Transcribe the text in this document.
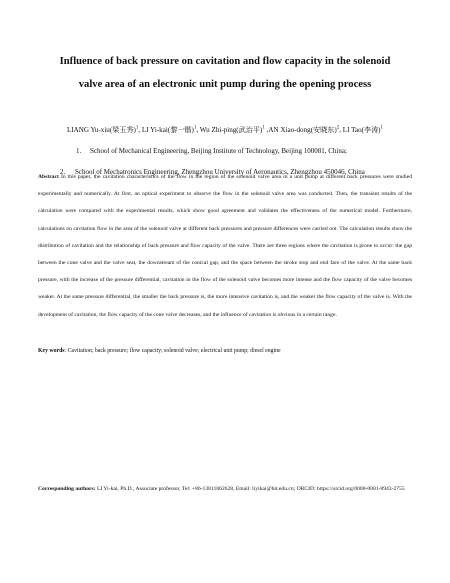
Influence of back pressure on cavitation and flow capacity in the solenoid
valve area of an electronic unit pump during the opening process
LIANG Yu-xiu(梁玉秀)$^1$, LI Yi-kai(黎一锴)$^1$, Wu Zhi-ping(武治平)$^1$ ,AN Xiao-dong(安晓东)$^2$, LI Tao(李涛)$^1$
1. School of Mechanical Engineering, Beijing Institute of Technology, Beijing 100081, China;
2. School of Mechatronics Engineering, Zhengzhou University of Aeronautics, Zhengzhou 450046, China
Abstract In this paper, the cavitation characteristics of the flow in the region of the solenoid valve area in a unit pump at different back pressures were studied experimentally and numerically. At first, an optical experiment to observe the flow in the solenoid valve area was conducted. Then, the transient results of the calculation were compared with the experimental results, which show good agreement and validates the effectiveness of the numerical model. Furthermore, calculations on cavitation flow in the area of the solenoid valve at different back pressures and pressure differences were carried out. The calculation results show the distribution of cavitation and the relationship of back pressure and flow capacity of the valve. There are three regions where the cavitation is prone to occur: the gap between the cone valve and the valve seat, the downstream of the conical gap, and the space between the stroke stop and end face of the valve. At the same back pressure, with the increase of the pressure differential, cavitation in the flow of the solenoid valve becomes more intense and the flow capacity of the valve becomes weaker. At the same pressure differential, the smaller the back pressure is, the more intensive cavitation is, and the weaker the flow capacity of the valve is. With the development of cavitation, the flow capacity of the cone valve decreases, and the influence of cavitation is obvious in a certain range.
Key words: Cavitation; back pressure; flow capacity; solenoid valve; electrical unit pump; diesel engine
Corresponding authors: LI Yi-kai, Ph.D., Associate professor, Tel: +86-13811862628, Email: liyikai@bit.edu.cn; ORCID: https://orcid.org/0000-0001-8943-2755
